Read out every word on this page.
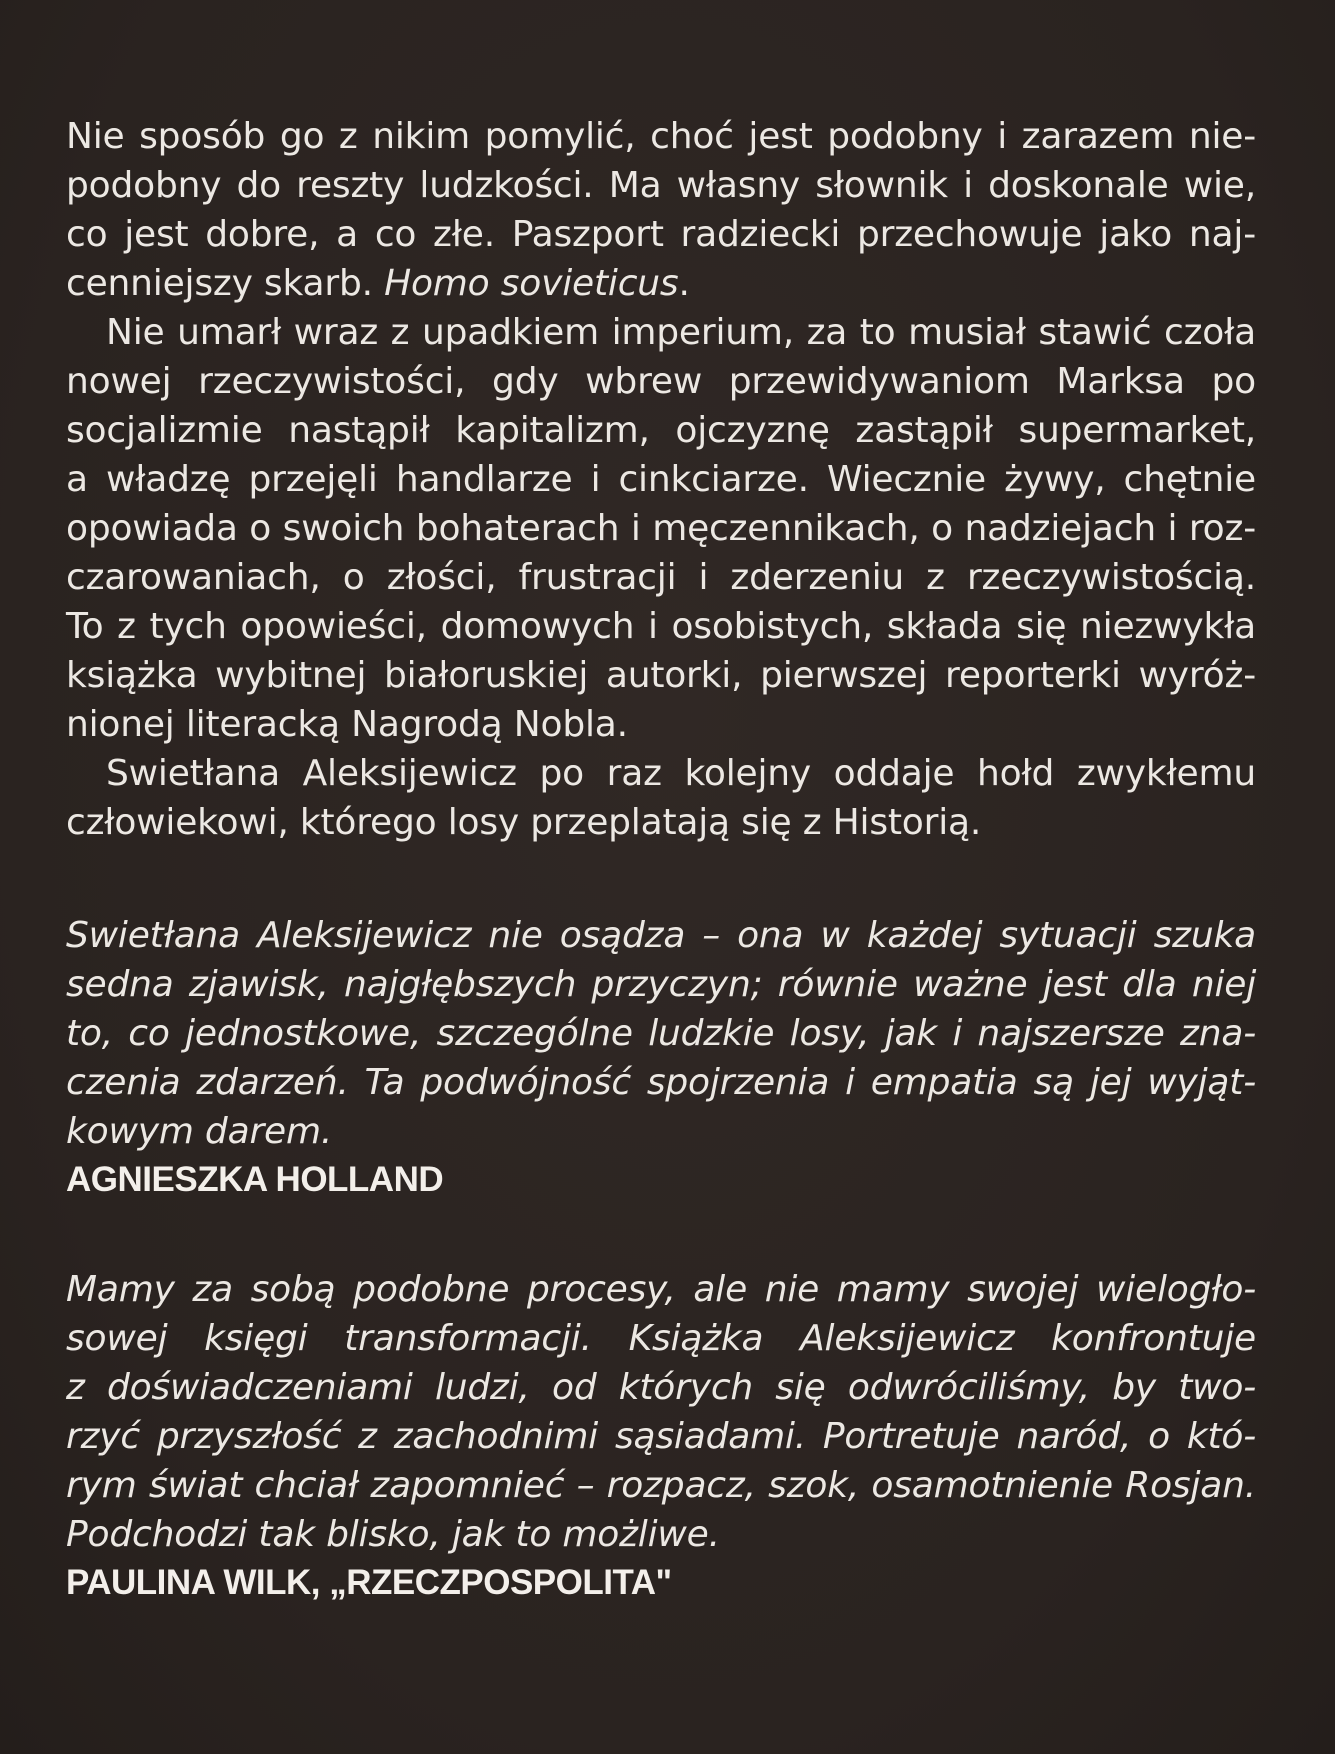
Nie sposób go z nikim pomylić, choć jest podobny i zarazem nie-
podobny do reszty ludzkości. Ma własny słownik i doskonale wie,
co jest dobre, a co złe. Paszport radziecki przechowuje jako naj-
cenniejszy skarb. Homo sovieticus.
Nie umarł wraz z upadkiem imperium, za to musiał stawić czoła
nowej rzeczywistości, gdy wbrew przewidywaniom Marksa po
socjalizmie nastąpił kapitalizm, ojczyznę zastąpił supermarket,
a władzę przejęli handlarze i cinkciarze. Wiecznie żywy, chętnie
opowiada o swoich bohaterach i męczennikach, o nadziejach i roz-
czarowaniach, o złości, frustracji i zderzeniu z rzeczywistością.
To z tych opowieści, domowych i osobistych, składa się niezwykła
książka wybitnej białoruskiej autorki, pierwszej reporterki wyróż-
nionej literacką Nagrodą Nobla.
Swietłana Aleksijewicz po raz kolejny oddaje hołd zwykłemu
człowiekowi, którego losy przeplatają się z Historią.
Swietłana Aleksijewicz nie osądza – ona w każdej sytuacji szuka
sedna zjawisk, najgłębszych przyczyn; równie ważne jest dla niej
to, co jednostkowe, szczególne ludzkie losy, jak i najszersze zna-
czenia zdarzeń. Ta podwójność spojrzenia i empatia są jej wyjąt-
kowym darem.
AGNIESZKA HOLLAND
Mamy za sobą podobne procesy, ale nie mamy swojej wielogło-
sowej księgi transformacji. Książka Aleksijewicz konfrontuje
z doświadczeniami ludzi, od których się odwróciliśmy, by two-
rzyć przyszłość z zachodnimi sąsiadami. Portretuje naród, o któ-
rym świat chciał zapomnieć – rozpacz, szok, osamotnienie Rosjan.
Podchodzi tak blisko, jak to możliwe.
PAULINA WILK, „RZECZPOSPOLITA"
